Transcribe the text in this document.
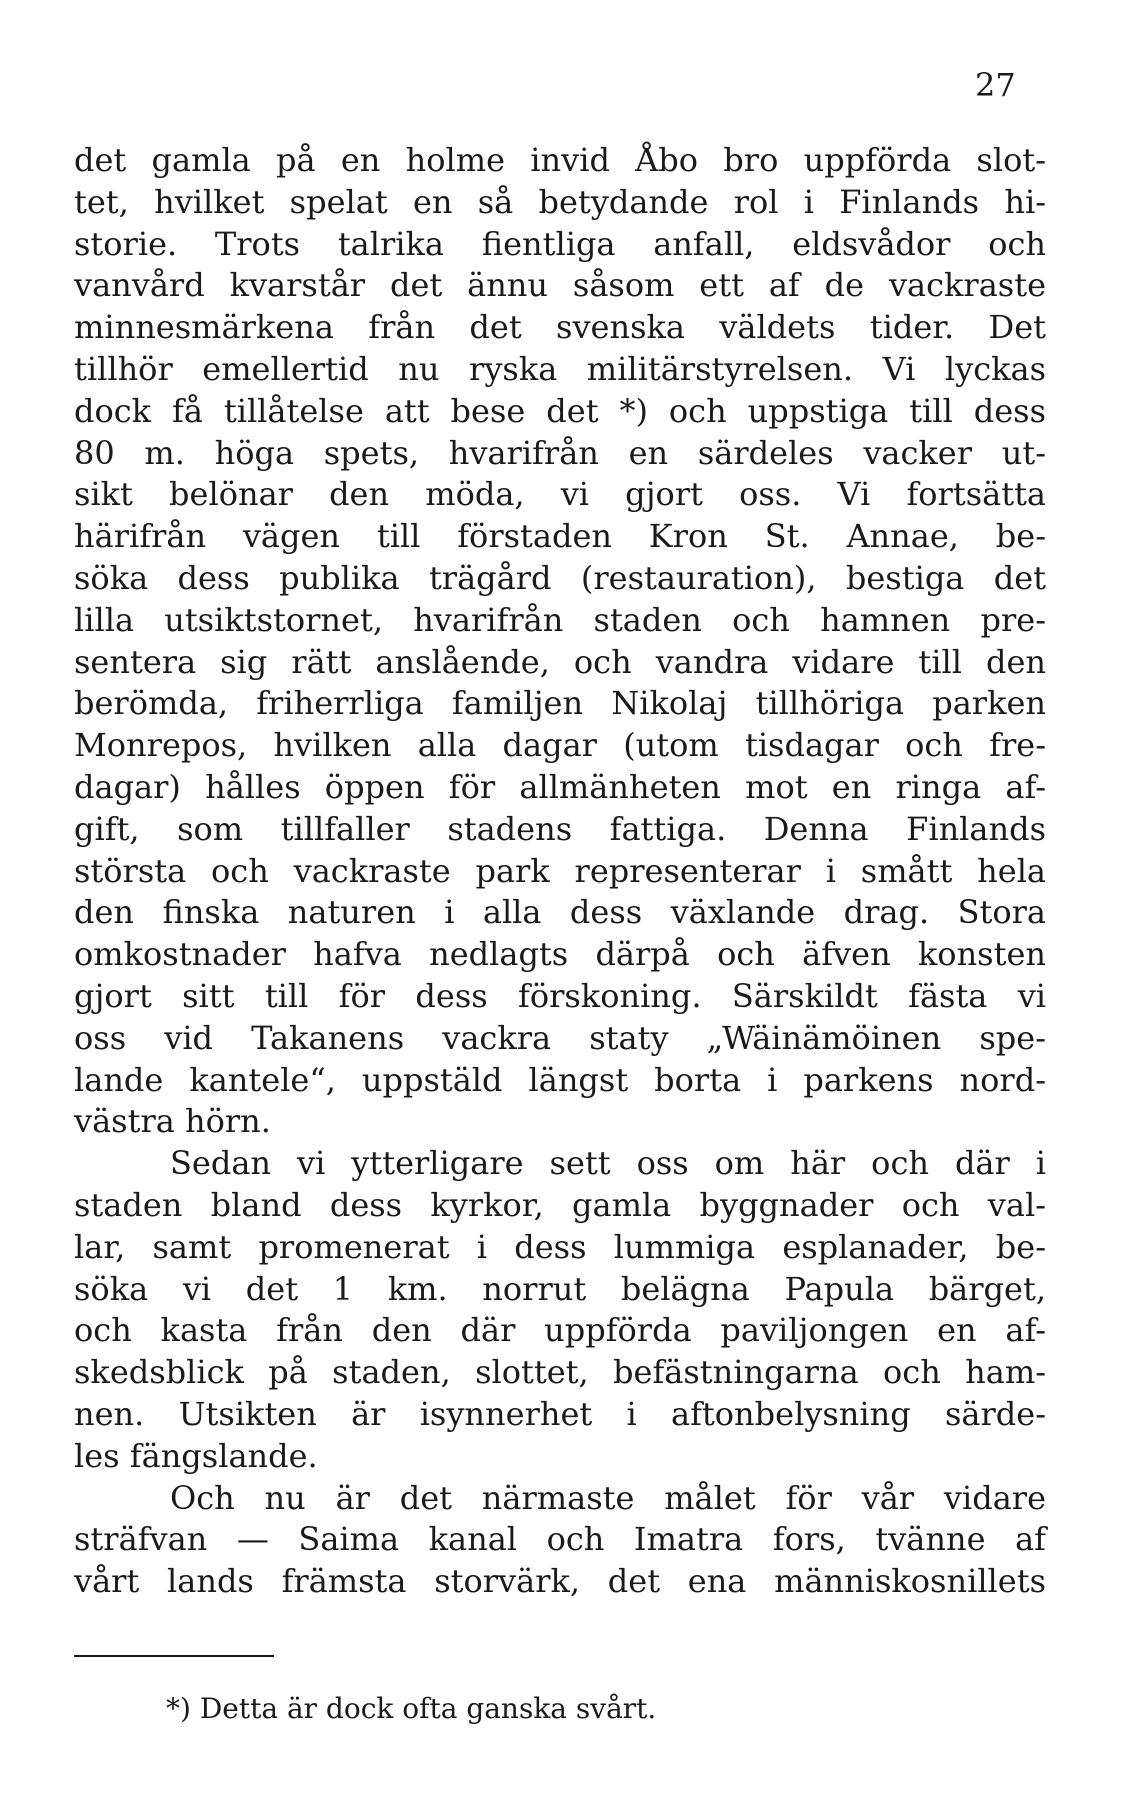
27
det gamla på en holme invid Åbo bro uppförda slot-
tet, hvilket spelat en så betydande rol i Finlands hi-
storie. Trots talrika fientliga anfall, eldsvådor och
vanvård kvarstår det ännu såsom ett af de vackraste
minnesmärkena från det svenska väldets tider. Det
tillhör emellertid nu ryska militärstyrelsen. Vi lyckas
dock få tillåtelse att bese det *) och uppstiga till dess
80 m. höga spets, hvarifrån en särdeles vacker ut-
sikt belönar den möda, vi gjort oss. Vi fortsätta
härifrån vägen till förstaden Kron St. Annae, be-
söka dess publika trägård (restauration), bestiga det
lilla utsiktstornet, hvarifrån staden och hamnen pre-
sentera sig rätt anslående, och vandra vidare till den
berömda, friherrliga familjen Nikolaj tillhöriga parken
Monrepos, hvilken alla dagar (utom tisdagar och fre-
dagar) hålles öppen för allmänheten mot en ringa af-
gift, som tillfaller stadens fattiga. Denna Finlands
största och vackraste park representerar i smått hela
den finska naturen i alla dess växlande drag. Stora
omkostnader hafva nedlagts därpå och äfven konsten
gjort sitt till för dess förskoning. Särskildt fästa vi
oss vid Takanens vackra staty „Wäinämöinen spe-
lande kantele“, uppstäld längst borta i parkens nord-
västra hörn.
Sedan vi ytterligare sett oss om här och där i
staden bland dess kyrkor, gamla byggnader och val-
lar, samt promenerat i dess lummiga esplanader, be-
söka vi det 1 km. norrut belägna Papula bärget,
och kasta från den där uppförda paviljongen en af-
skedsblick på staden, slottet, befästningarna och ham-
nen. Utsikten är isynnerhet i aftonbelysning särde-
les fängslande.
Och nu är det närmaste målet för vår vidare
sträfvan — Saima kanal och Imatra fors, tvänne af
vårt lands främsta storvärk, det ena människosnillets
*) Detta är dock ofta ganska svårt.
